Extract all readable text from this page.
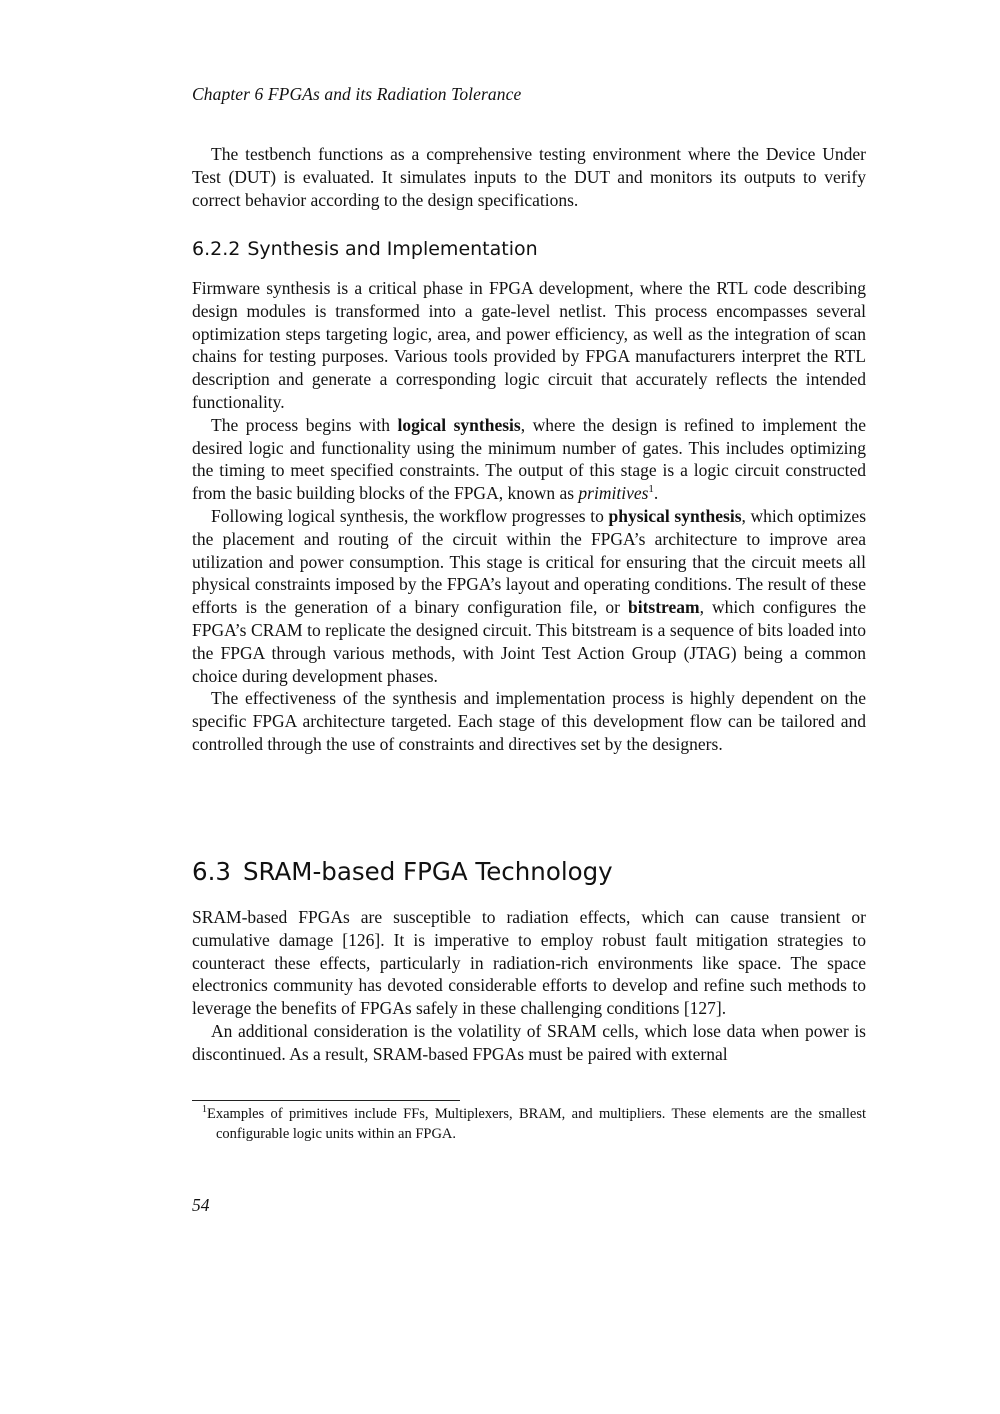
Chapter 6 FPGAs and its Radiation Tolerance

The testbench functions as a comprehensive testing environment where the Device Under Test (DUT) is evaluated. It simulates inputs to the DUT and monitors its outputs to verify correct behavior according to the design specifications.

6.2.2 Synthesis and Implementation

Firmware synthesis is a critical phase in FPGA development, where the RTL code describing design modules is transformed into a gate-level netlist. This process encompasses several optimization steps targeting logic, area, and power efficiency, as well as the integration of scan chains for testing purposes. Various tools provided by FPGA manufacturers interpret the RTL description and generate a corresponding logic circuit that accurately reflects the intended functionality.

The process begins with logical synthesis, where the design is refined to implement the desired logic and functionality using the minimum number of gates. This includes optimizing the timing to meet specified constraints. The output of this stage is a logic circuit constructed from the basic building blocks of the FPGA, known as primitives$^1$.

Following logical synthesis, the workflow progresses to physical synthesis, which optimizes the placement and routing of the circuit within the FPGA’s architecture to improve area utilization and power consumption. This stage is critical for ensuring that the circuit meets all physical constraints imposed by the FPGA’s layout and operating conditions. The result of these efforts is the generation of a binary configuration file, or bitstream, which configures the FPGA’s CRAM to replicate the designed circuit. This bitstream is a sequence of bits loaded into the FPGA through various methods, with Joint Test Action Group (JTAG) being a common choice during development phases.

The effectiveness of the synthesis and implementation process is highly dependent on the specific FPGA architecture targeted. Each stage of this development flow can be tailored and controlled through the use of constraints and directives set by the designers.

6.3 SRAM-based FPGA Technology

SRAM-based FPGAs are susceptible to radiation effects, which can cause transient or cumulative damage [126]. It is imperative to employ robust fault mitigation strategies to counteract these effects, particularly in radiation-rich environments like space. The space electronics community has devoted considerable efforts to develop and refine such methods to leverage the benefits of FPGAs safely in these challenging conditions [127].

An additional consideration is the volatility of SRAM cells, which lose data when power is discontinued. As a result, SRAM-based FPGAs must be paired with external

$^1$Examples of primitives include FFs, Multiplexers, BRAM, and multipliers. These elements are the smallest configurable logic units within an FPGA.
54
